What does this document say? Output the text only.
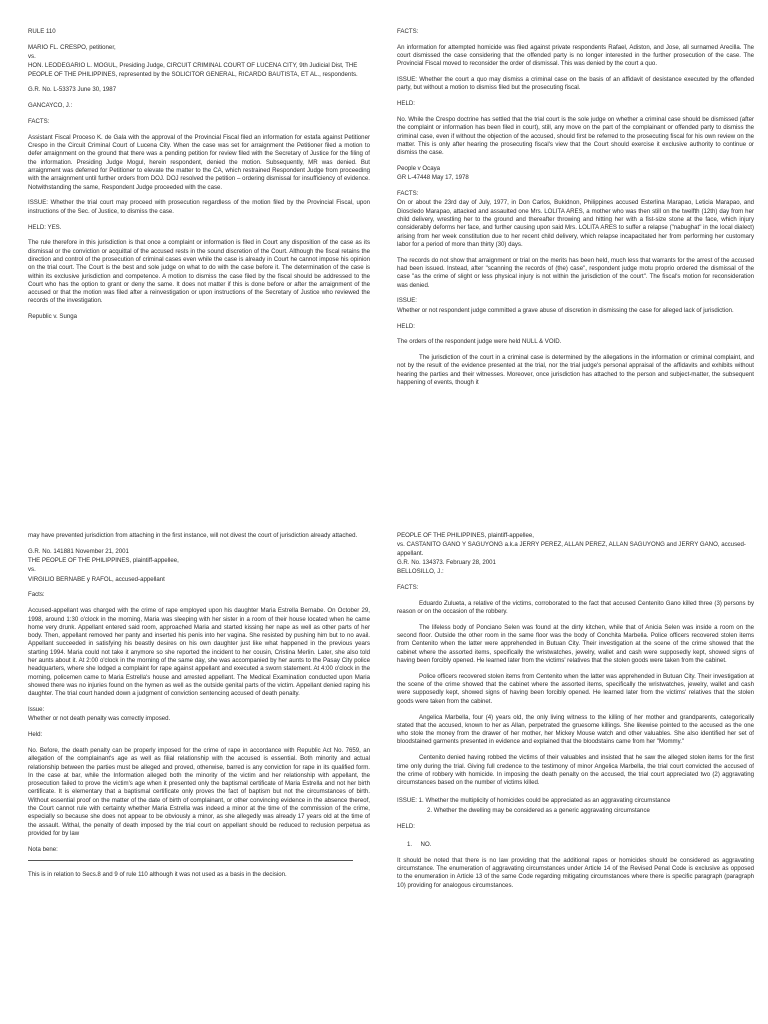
RULE 110

MARIO FL. CRESPO, petitioner,

vs.

HON. LEODEGARIO L. MOGUL, Presiding Judge, CIRCUIT CRIMINAL COURT OF LUCENA CITY, 9th Judicial Dist, THE PEOPLE OF THE PHILIPPINES, represented by the SOLICITOR GENERAL, RICARDO BAUTISTA, ET AL., respondents.

G.R. No. L-53373 June 30, 1987

GANCAYCO, J.:

FACTS:

Assistant Fiscal Proceso K. de Gala with the approval of the Provincial Fiscal filed an information for estafa against Petitioner Crespo in the Circuit Criminal Court of Lucena City. When the case was set for arraignment the Petitioner filed a motion to defer arraignment on the ground that there was a pending petition for review filed with the Secretary of Justice for the filing of the information. Presiding Judge Mogul, herein respondent, denied the motion. Subsequently, MR was denied. But arraignment was deferred for Petitioner to elevate the matter to the CA, which restrained Respondent Judge from proceeding with the arraignment until further orders from DOJ. DOJ resolved the petition – ordering dismissal for insufficiency of evidence. Notwithstanding the same, Respondent Judge proceeded with the case.

ISSUE: Whether the trial court may proceed with prosecution regardless of the motion filed by the Provincial Fiscal, upon instructions of the Sec. of Justice, to dismiss the case.

HELD: YES.

The rule therefore in this jurisdiction is that once a complaint or information is filed in Court any disposition of the case as its dismissal or the conviction or acquittal of the accused rests in the sound discretion of the Court. Although the fiscal retains the direction and control of the prosecution of criminal cases even while the case is already in Court he cannot impose his opinion on the trial court. The Court is the best and sole judge on what to do with the case before it. The determination of the case is within its exclusive jurisdiction and competence. A motion to dismiss the case filed by the fiscal should be addressed to the Court who has the option to grant or deny the same. It does not matter if this is done before or after the arraignment of the accused or that the motion was filed after a reinvestigation or upon instructions of the Secretary of Justice who reviewed the records of the investigation.

Republic v. Sunga

FACTS:

An information for attempted homicide was filed against private respondents Rafael, Adiston, and Jose, all surnamed Arecilla. The court dismissed the case considering that the offended party is no longer interested in the further prosecution of the case. The Provincial Fiscal moved to reconsider the order of dismissal. This was denied by the court a quo.

ISSUE: Whether the court a quo may dismiss a criminal case on the basis of an affidavit of desistance executed by the offended party, but without a motion to dismiss filed but the prosecuting fiscal.

HELD:

No. While the Crespo doctrine has settled that the trial court is the sole judge on whether a criminal case should be dismissed (after the complaint or information has been filed in court), still, any move on the part of the complainant or offended party to dismiss the criminal case, even if without the objection of the accused, should first be referred to the prosecuting fiscal for his own review on the matter. This is only after hearing the prosecuting fiscal's view that the Court should exercise it exclusive authority to continue or dismiss the case.

People v Ocaya

GR L-47448 May 17, 1978

FACTS:

On or about the 23rd day of July, 1977, in Don Carlos, Bukidnon, Philippines accused Esterlina Marapao, Leticia Marapao, and Dioscledo Marapao, attacked and assaulted one Mrs. LOLITA ARES, a mother who was then still on the twelfth (12th) day from her child delivery, wrestling her to the ground and thereafter throwing and hitting her with a fist-size stone at the face, which injury considerably deforms her face, and further causing upon said Mrs. LOLITA ARES to suffer a relapse ("nabughat" in the local dialect) arising from her week constitution due to her recent child delivery, which relapse incapacitated her from performing her customary labor for a period of more than thirty (30) days.

The records do not show that arraignment or trial on the merits has been held, much less that warrants for the arrest of the accused had been issued. Instead, after "scanning the records of (the) case", respondent judge motu proprio ordered the dismissal of the case "as the crime of slight or less physical injury is not within the jurisdiction of the court". The fiscal's motion for reconsideration was denied.

ISSUE:

Whether or not respondent judge committed a grave abuse of discretion in dismissing the case for alleged lack of jurisdiction.

HELD:

The orders of the respondent judge were held NULL & VOID.

The jurisdiction of the court in a criminal case is determined by the allegations in the information or criminal complaint, and not by the result of the evidence presented at the trial, nor the trial judge's personal appraisal of the affidavits and exhibits without hearing the parties and their witnesses. Moreover, once jurisdiction has attached to the person and subject-matter, the subsequent happening of events, though it

may have prevented jurisdiction from attaching in the first instance, will not divest the court of jurisdiction already attached.

G.R. No. 141881 November 21, 2001

THE PEOPLE OF THE PHILIPPINES, plaintiff-appellee,

vs.

VIRGILIO BERNABE y RAFOL, accused-appellant

Facts:

Accused-appellant was charged with the crime of rape employed upon his daughter Maria Estrella Bernabe. On October 29, 1998, around 1:30 o'clock in the morning, Maria was sleeping with her sister in a room of their house located when he came home very drunk. Appellant entered said room, approached Maria and started kissing her nape as well as other parts of her body. Then, appellant removed her panty and inserted his penis into her vagina. She resisted by pushing him but to no avail. Appellant succeeded in satisfying his beastly desires on his own daughter just like what happened in the previous years starting 1994. Maria could not take it anymore so she reported the incident to her cousin, Cristina Merlin. Later, she also told her aunts about it. At 2:00 o'clock in the morning of the same day, she was accompanied by her aunts to the Pasay City police headquarters, where she lodged a complaint for rape against appellant and executed a sworn statement. At 4:00 o'clock in the morning, policemen came to Maria Estrella's house and arrested appellant. The Medical Examination conducted upon Maria showed there was no injuries found on the hymen as well as the outside genital parts of the victim. Appellant denied raping his daughter. The trial court handed down a judgment of conviction sentencing accused of death penalty.

Issue:

Whether or not death penalty was correctly imposed.

Held:

No. Before, the death penalty can be properly imposed for the crime of rape in accordance with Republic Act No. 7659, an allegation of the complainant's age as well as filial relationship with the accused is essential. Both minority and actual relationship between the parties must be alleged and proved, otherwise, barred is any conviction for rape in its qualified form. In the case at bar, while the Information alleged both the minority of the victim and her relationship with appellant, the prosecution failed to prove the victim's age when it presented only the baptismal certificate of Maria Estrella and not her birth certificate. It is elementary that a baptismal certificate only proves the fact of baptism but not the circumstances of birth. Without essential proof on the matter of the date of birth of complainant, or other convincing evidence in the absence thereof, the Court cannot rule with certainty whether Maria Estrella was indeed a minor at the time of the commission of the crime, especially so because she does not appear to be obviously a minor, as she allegedly was already 17 years old at the time of the assault. Withal, the penalty of death imposed by the trial court on appellant should be reduced to reclusion perpetua as provided for by law

Nota bene:

This is in relation to Secs.8 and 9 of rule 110 although it was not used as a basis in the decision.

PEOPLE OF THE PHILIPPINES, plaintiff-appellee,

vs. CASTANITO GANO Y SAGUYONG a.k.a JERRY PEREZ, ALLAN PEREZ, ALLAN SAGUYONG and JERRY GANO, accused-appellant.

G.R. No. 134373. February 28, 2001

BELLOSILLO, J.:

FACTS:

Eduardo Zulueta, a relative of the victims, corroborated to the fact that accused Centenito Gano killed three (3) persons by reason or on the occasion of the robbery.

The lifeless body of Ponciano Selen was found at the dirty kitchen, while that of Anicia Selen was inside a room on the second floor. Outside the other room in the same floor was the body of Conchita Marbella. Police officers recovered stolen items from Centenito when the latter were apprehended in Butuan City. Their investigation at the scene of the crime showed that the cabinet where the assorted items, specifically the wristwatches, jewelry, wallet and cash were supposedly kept, showed signs of having been forcibly opened. He learned later from the victims' relatives that the stolen goods were taken from the cabinet.

Police officers recovered stolen items from Centenito when the latter was apprehended in Butuan City. Their investigation at the scene of the crime showed that the cabinet where the assorted items, specifically the wristwatches, jewelry, wallet and cash were supposedly kept, showed signs of having been forcibly opened. He learned later from the victims' relatives that the stolen goods were taken from the cabinet.

Angelica Marbella, four (4) years old, the only living witness to the killing of her mother and grandparents, categorically stated that the accused, known to her as Allan, perpetrated the gruesome killings. She likewise pointed to the accused as the one who stole the money from the drawer of her mother, her Mickey Mouse watch and other valuables. She also identified her set of bloodstained garments presented in evidence and explained that the bloodstains came from her "Mommy."

Centenito denied having robbed the victims of their valuables and insisted that he saw the alleged stolen items for the first time only during the trial. Giving full credence to the testimony of minor Angelica Marbella, the trial court convicted the accused of the crime of robbery with homicide. In imposing the death penalty on the accused, the trial court appreciated two (2) aggravating circumstances based on the number of victims killed.

ISSUE: 1. Whether the multiplicity of homicides could be appreciated as an aggravating circumstance

2. Whether the dwelling may be considered as a generic aggravating circumstance

HELD:

1.     NO.

It should be noted that there is no law providing that the additional rapes or homicides should be considered as aggravating circumstance. The enumeration of aggravating circumstances under Article 14 of the Revised Penal Code is exclusive as opposed to the enumeration in Article 13 of the same Code regarding mitigating circumstances where there is specific paragraph (paragraph 10) providing for analogous circumstances.
